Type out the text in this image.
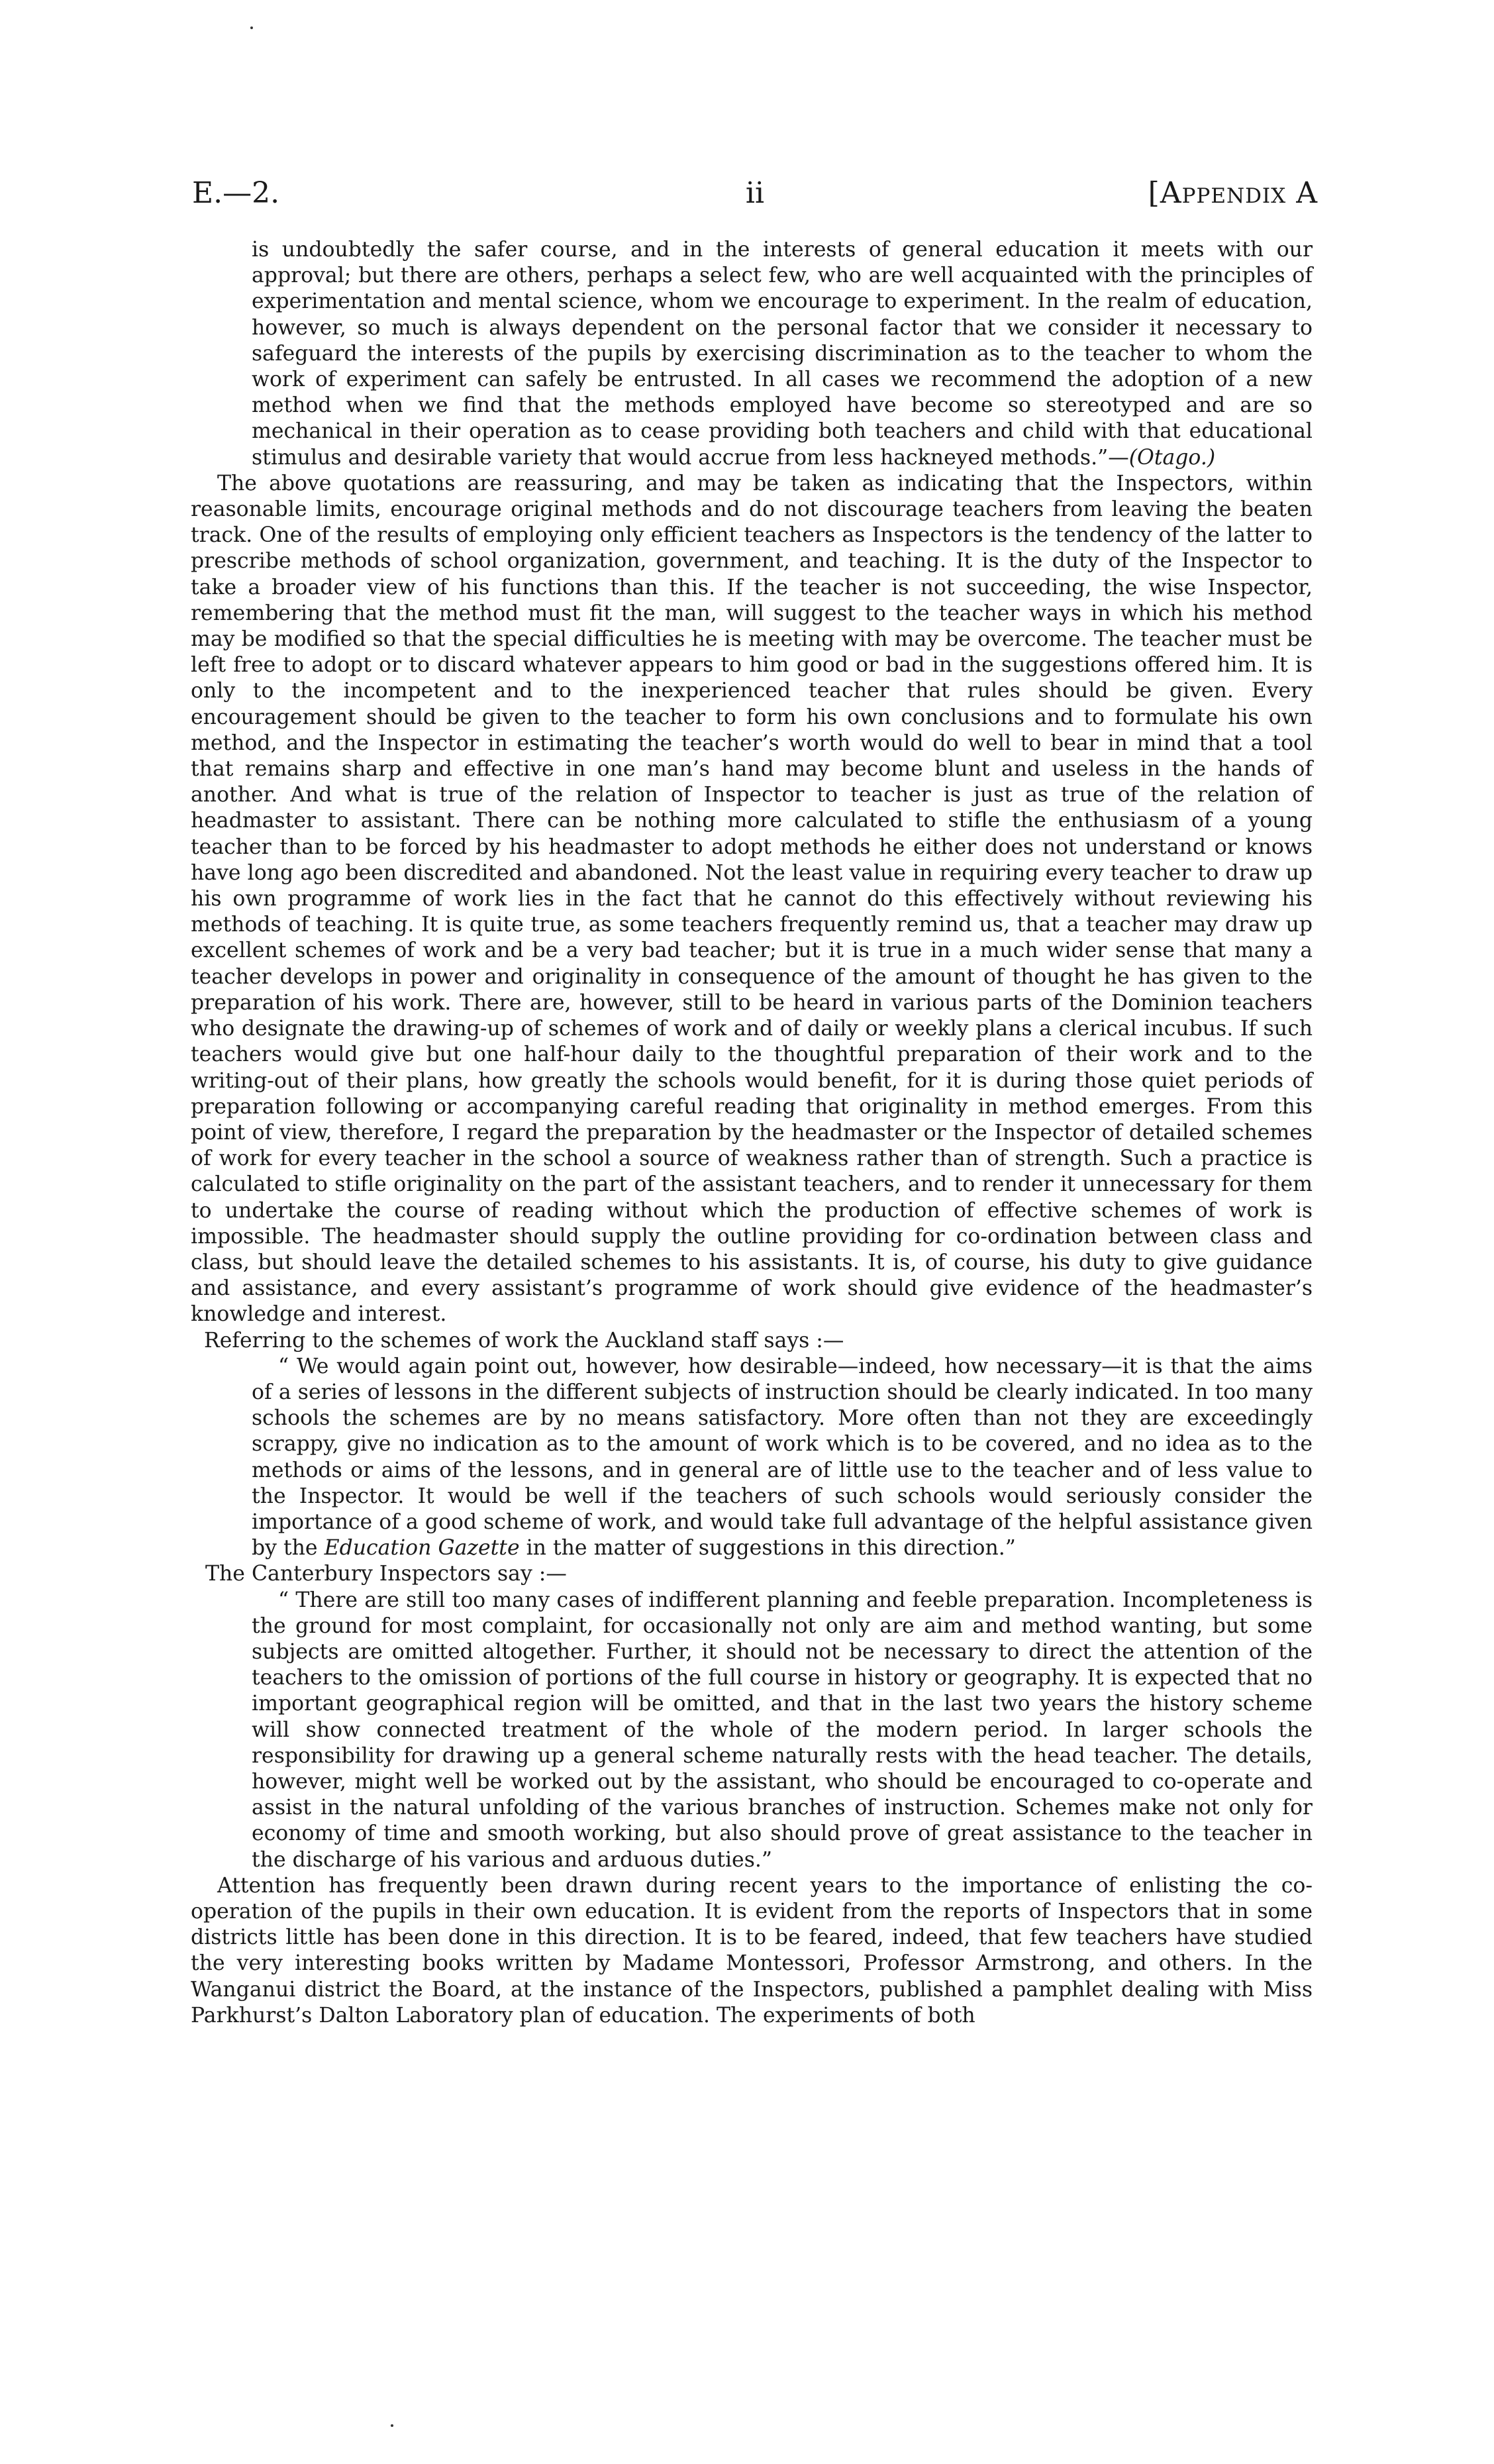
E.—2.	ii	[Appendix A

is undoubtedly the safer course, and in the interests of general education it meets with our approval; but there are others, perhaps a select few, who are well acquainted with the principles of experimentation and mental science, whom we encourage to experiment. In the realm of education, however, so much is always dependent on the personal factor that we consider it necessary to safeguard the interests of the pupils by exercising discrimination as to the teacher to whom the work of experiment can safely be entrusted. In all cases we recommend the adoption of a new method when we find that the methods employed have become so stereotyped and are so mechanical in their operation as to cease providing both teachers and child with that educational stimulus and desirable variety that would accrue from less hackneyed methods.”—(Otago.)

The above quotations are reassuring, and may be taken as indicating that the Inspectors, within reasonable limits, encourage original methods and do not discourage teachers from leaving the beaten track. One of the results of employing only efficient teachers as Inspectors is the tendency of the latter to prescribe methods of school organization, government, and teaching. It is the duty of the Inspector to take a broader view of his functions than this. If the teacher is not succeeding, the wise Inspector, remembering that the method must fit the man, will suggest to the teacher ways in which his method may be modified so that the special difficulties he is meeting with may be overcome. The teacher must be left free to adopt or to discard whatever appears to him good or bad in the suggestions offered him. It is only to the incompetent and to the inexperienced teacher that rules should be given. Every encouragement should be given to the teacher to form his own conclusions and to formulate his own method, and the Inspector in estimating the teacher’s worth would do well to bear in mind that a tool that remains sharp and effective in one man’s hand may become blunt and useless in the hands of another. And what is true of the relation of Inspector to teacher is just as true of the relation of headmaster to assistant. There can be nothing more calculated to stifle the enthusiasm of a young teacher than to be forced by his headmaster to adopt methods he either does not understand or knows have long ago been discredited and abandoned. Not the least value in requiring every teacher to draw up his own programme of work lies in the fact that he cannot do this effectively without reviewing his methods of teaching. It is quite true, as some teachers frequently remind us, that a teacher may draw up excellent schemes of work and be a very bad teacher; but it is true in a much wider sense that many a teacher develops in power and originality in consequence of the amount of thought he has given to the preparation of his work. There are, however, still to be heard in various parts of the Dominion teachers who designate the drawing-up of schemes of work and of daily or weekly plans a clerical incubus. If such teachers would give but one half-hour daily to the thoughtful preparation of their work and to the writing-out of their plans, how greatly the schools would benefit, for it is during those quiet periods of preparation following or accompanying careful reading that originality in method emerges. From this point of view, therefore, I regard the preparation by the headmaster or the Inspector of detailed schemes of work for every teacher in the school a source of weakness rather than of strength. Such a practice is calculated to stifle originality on the part of the assistant teachers, and to render it unnecessary for them to undertake the course of reading without which the production of effective schemes of work is impossible. The headmaster should supply the outline providing for co-ordination between class and class, but should leave the detailed schemes to his assistants. It is, of course, his duty to give guidance and assistance, and every assistant’s programme of work should give evidence of the headmaster’s knowledge and interest.

Referring to the schemes of work the Auckland staff says :—

“ We would again point out, however, how desirable—indeed, how necessary—it is that the aims of a series of lessons in the different subjects of instruction should be clearly indicated. In too many schools the schemes are by no means satisfactory. More often than not they are exceedingly scrappy, give no indication as to the amount of work which is to be covered, and no idea as to the methods or aims of the lessons, and in general are of little use to the teacher and of less value to the Inspector. It would be well if the teachers of such schools would seriously consider the importance of a good scheme of work, and would take full advantage of the helpful assistance given by the Education Gazette in the matter of suggestions in this direction.”

The Canterbury Inspectors say :—

“ There are still too many cases of indifferent planning and feeble preparation. Incompleteness is the ground for most complaint, for occasionally not only are aim and method wanting, but some subjects are omitted altogether. Further, it should not be necessary to direct the attention of the teachers to the omission of portions of the full course in history or geography. It is expected that no important geographical region will be omitted, and that in the last two years the history scheme will show connected treatment of the whole of the modern period. In larger schools the responsibility for drawing up a general scheme naturally rests with the head teacher. The details, however, might well be worked out by the assistant, who should be encouraged to co-operate and assist in the natural unfolding of the various branches of instruction. Schemes make not only for economy of time and smooth working, but also should prove of great assistance to the teacher in the discharge of his various and arduous duties.”

Attention has frequently been drawn during recent years to the importance of enlisting the co-operation of the pupils in their own education. It is evident from the reports of Inspectors that in some districts little has been done in this direction. It is to be feared, indeed, that few teachers have studied the very interesting books written by Madame Montessori, Professor Armstrong, and others. In the Wanganui district the Board, at the instance of the Inspectors, published a pamphlet dealing with Miss Parkhurst’s Dalton Laboratory plan of education. The experiments of both
